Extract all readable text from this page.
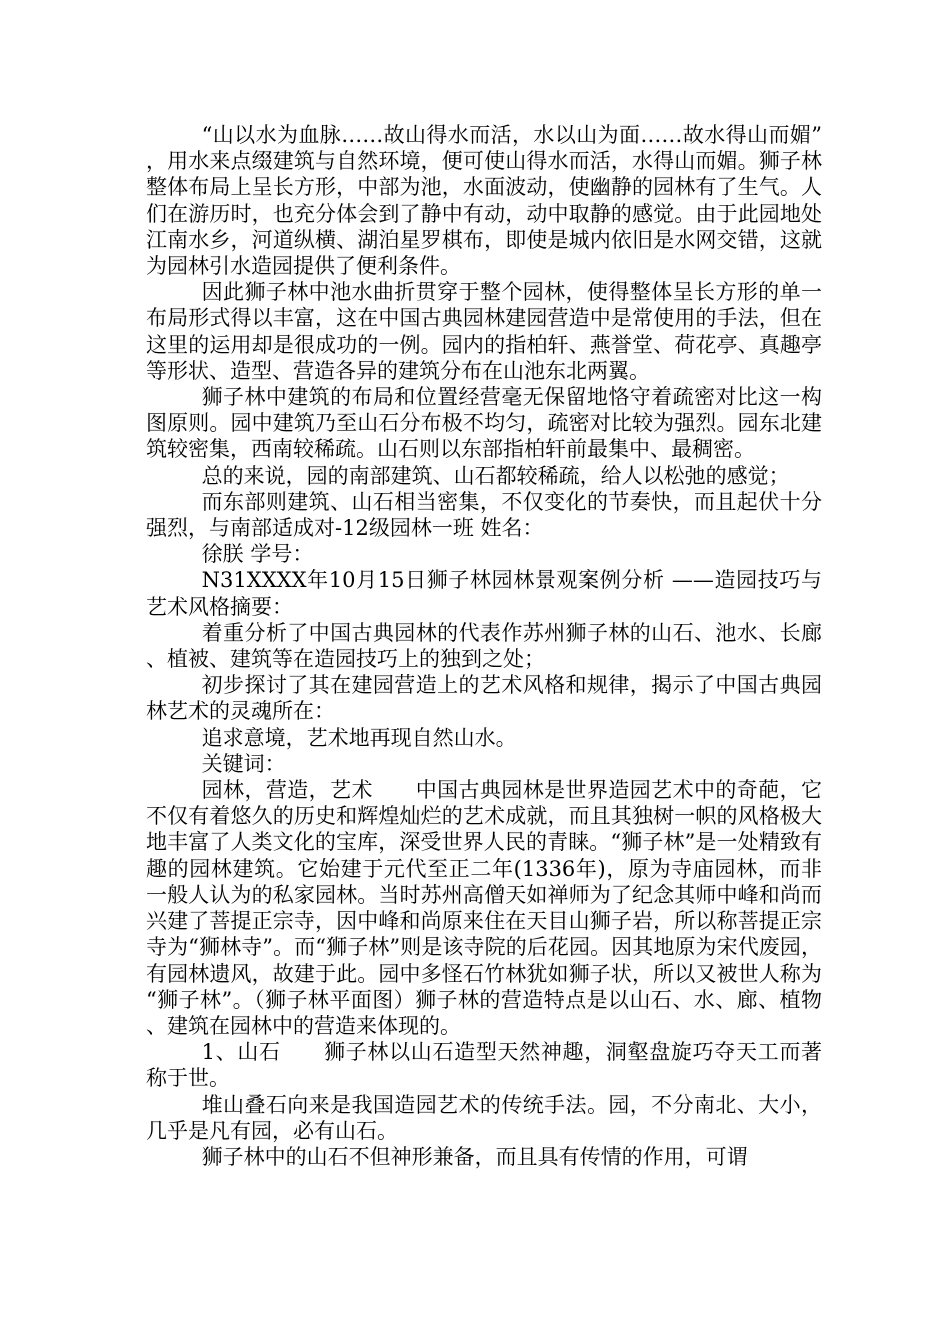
“山以水为血脉……故山得水而活，水以山为面……故水得山而媚”，用水来点缀建筑与自然环境，便可使山得水而活，水得山而媚。狮子林整体布局上呈长方形，中部为池，水面波动，使幽静的园林有了生气。人们在游历时，也充分体会到了静中有动，动中取静的感觉。由于此园地处江南水乡，河道纵横、湖泊星罗棋布，即使是城内依旧是水网交错，这就为园林引水造园提供了便利条件。

因此狮子林中池水曲折贯穿于整个园林，使得整体呈长方形的单一布局形式得以丰富，这在中国古典园林建园营造中是常使用的手法，但在这里的运用却是很成功的一例。园内的指柏轩、燕誉堂、荷花亭、真趣亭等形状、造型、营造各异的建筑分布在山池东北两翼。

狮子林中建筑的布局和位置经营毫无保留地恪守着疏密对比这一构图原则。园中建筑乃至山石分布极不均匀，疏密对比较为强烈。园东北建筑较密集，西南较稀疏。山石则以东部指柏轩前最集中、最稠密。

总的来说，园的南部建筑、山石都较稀疏，给人以松弛的感觉；

而东部则建筑、山石相当密集，不仅变化的节奏快，而且起伏十分强烈，与南部适成对-12级园林一班 姓名：

徐朕 学号：

N31XXXX年10月15日狮子林园林景观案例分析 ——造园技巧与艺术风格摘要：

着重分析了中国古典园林的代表作苏州狮子林的山石、池水、长廊、植被、建筑等在造园技巧上的独到之处；

初步探讨了其在建园营造上的艺术风格和规律，揭示了中国古典园林艺术的灵魂所在：

追求意境，艺术地再现自然山水。

关键词：

园林，营造，艺术　　中国古典园林是世界造园艺术中的奇葩，它不仅有着悠久的历史和辉煌灿烂的艺术成就，而且其独树一帜的风格极大地丰富了人类文化的宝库，深受世界人民的青睐。“狮子林”是一处精致有趣的园林建筑。它始建于元代至正二年(1336年)，原为寺庙园林，而非一般人认为的私家园林。当时苏州高僧天如禅师为了纪念其师中峰和尚而兴建了菩提正宗寺，因中峰和尚原来住在天目山狮子岩，所以称菩提正宗寺为“狮林寺”。而“狮子林”则是该寺院的后花园。因其地原为宋代废园，有园林遗风，故建于此。园中多怪石竹林犹如狮子状，所以又被世人称为“狮子林”。（狮子林平面图）狮子林的营造特点是以山石、水、廊、植物、建筑在园林中的营造来体现的。

1、山石　　狮子林以山石造型天然神趣，洞壑盘旋巧夺天工而著称于世。

堆山叠石向来是我国造园艺术的传统手法。园，不分南北、大小，几乎是凡有园，必有山石。

狮子林中的山石不但神形兼备，而且具有传情的作用，可谓
